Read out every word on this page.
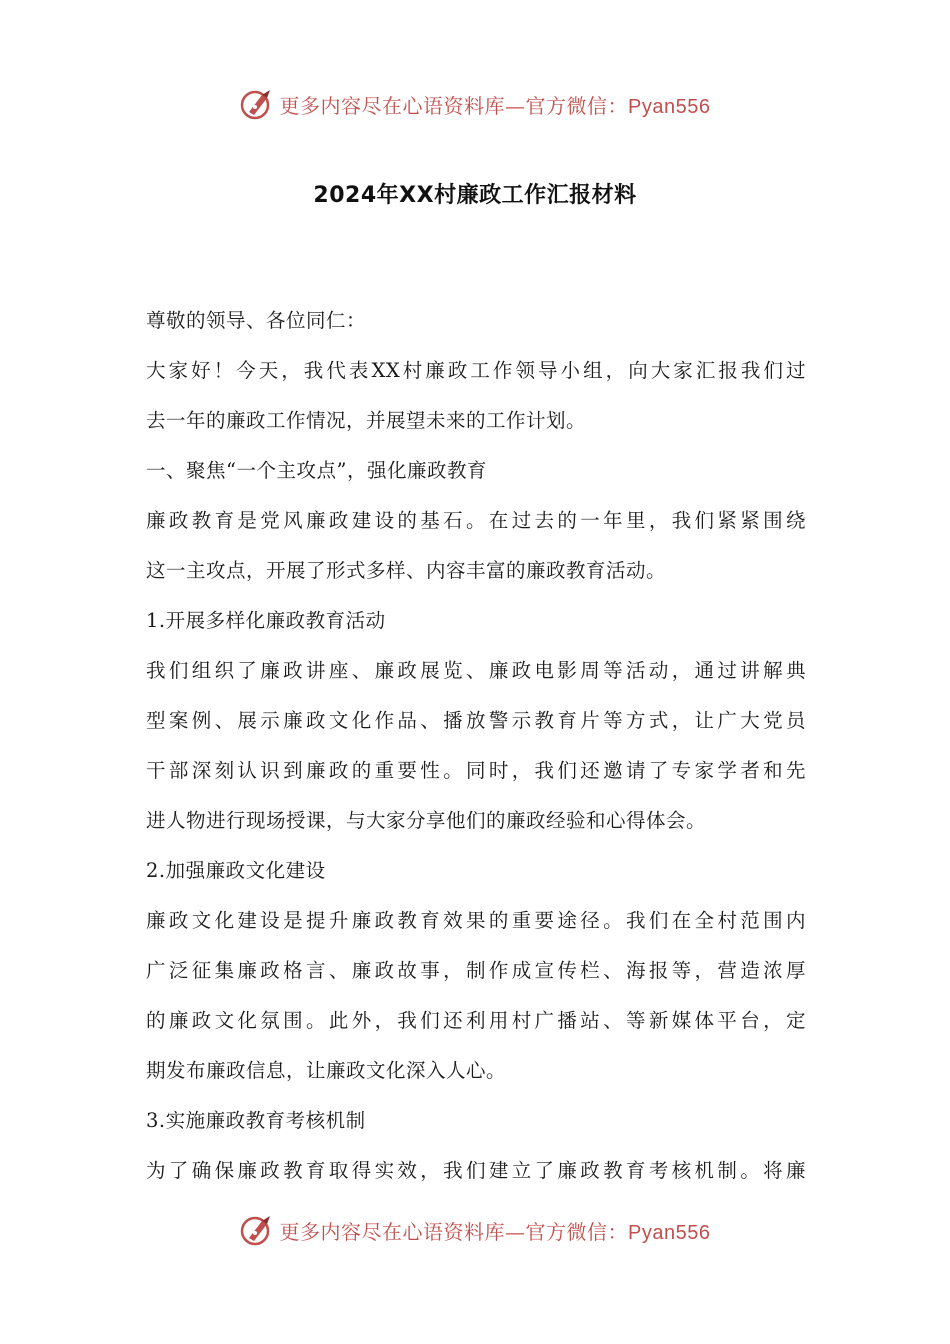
更多内容尽在心语资料库—官方微信：Pyan556
2024年XX村廉政工作汇报材料
尊敬的领导、各位同仁：
大家好！今天，我代表XX村廉政工作领导小组，向大家汇报我们过
去一年的廉政工作情况，并展望未来的工作计划。
一、聚焦“一个主攻点”，强化廉政教育
廉政教育是党风廉政建设的基石。在过去的一年里，我们紧紧围绕
这一主攻点，开展了形式多样、内容丰富的廉政教育活动。
1.开展多样化廉政教育活动
我们组织了廉政讲座、廉政展览、廉政电影周等活动，通过讲解典
型案例、展示廉政文化作品、播放警示教育片等方式，让广大党员
干部深刻认识到廉政的重要性。同时，我们还邀请了专家学者和先
进人物进行现场授课，与大家分享他们的廉政经验和心得体会。
2.加强廉政文化建设
廉政文化建设是提升廉政教育效果的重要途径。我们在全村范围内
广泛征集廉政格言、廉政故事，制作成宣传栏、海报等，营造浓厚
的廉政文化氛围。此外，我们还利用村广播站、等新媒体平台，定
期发布廉政信息，让廉政文化深入人心。
3.实施廉政教育考核机制
为了确保廉政教育取得实效，我们建立了廉政教育考核机制。将廉
更多内容尽在心语资料库—官方微信：Pyan556
